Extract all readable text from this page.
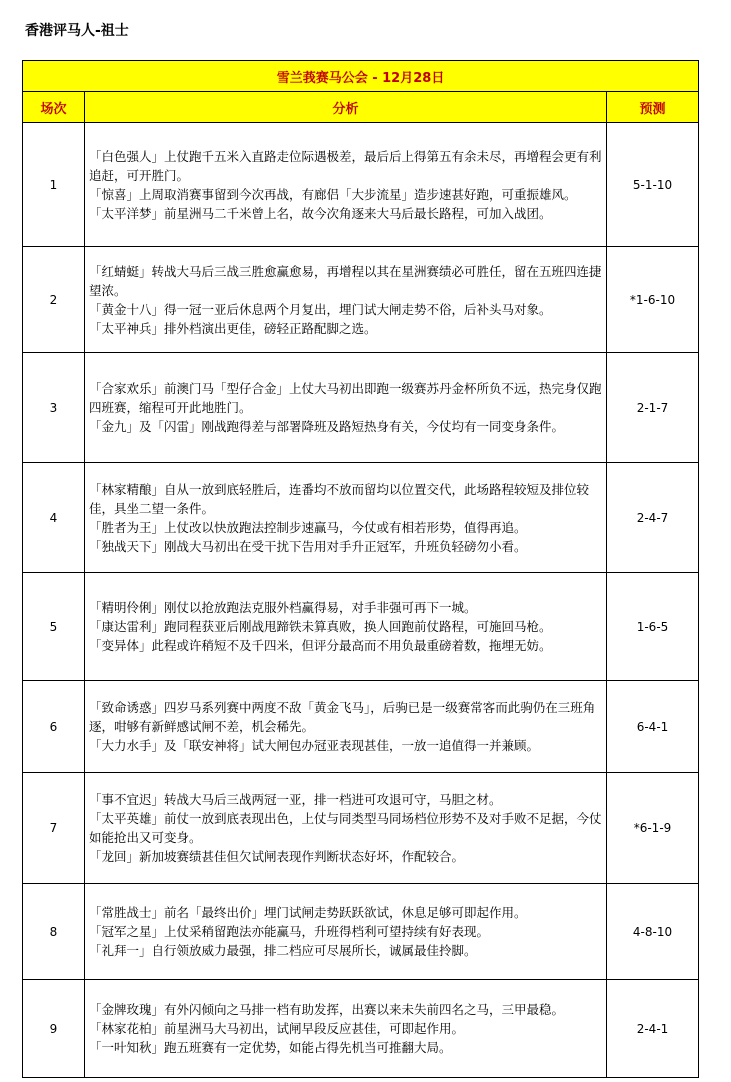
香港评马人-祖士
雪兰莪赛马公会 - 12月28日		
场次	分析	预测
1	「白色强人」上仗跑千五米入直路走位际遇极差，最后后上得第五有余未尽，再增程会更有利追赶，可开胜门。

「惊喜」上周取消赛事留到今次再战，有廊侣「大步流星」造步速甚好跑，可重振雄风。

「太平洋梦」前星洲马二千米曾上名，故今次角逐来大马后最长路程，可加入战团。	5-1-10
2	「红蜻蜓」转战大马后三战三胜愈赢愈易，再增程以其在星洲赛绩必可胜任，留在五班四连捷望浓。

「黄金十八」得一冠一亚后休息两个月复出，埋门试大闸走势不俗，后补头马对象。

「太平神兵」排外档演出更佳，磅轻正路配脚之选。	*1-6-10
3	「合家欢乐」前澳门马「型仔合金」上仗大马初出即跑一级赛苏丹金杯所负不远，热完身仅跑四班赛，缩程可开此地胜门。

「金九」及「闪雷」刚战跑得差与部署降班及路短热身有关，今仗均有一同变身条件。	2-1-7
4	「林家精酿」自从一放到底轻胜后，连番均不放而留均以位置交代，此场路程较短及排位较佳，具坐二望一条件。

「胜者为王」上仗改以快放跑法控制步速赢马，今仗或有相若形势，值得再追。

「独战天下」刚战大马初出在受干扰下告用对手升正冠军，升班负轻磅勿小看。	2-4-7
5	「精明伶俐」刚仗以抢放跑法克服外档赢得易，对手非强可再下一城。

「康达雷利」跑同程获亚后刚战甩蹄铁未算真败，换人回跑前仗路程，可施回马枪。

「变异体」此程或许稍短不及千四米，但评分最高而不用负最重磅着数，拖埋无妨。	1-6-5
6	「致命诱惑」四岁马系列赛中两度不敌「黄金飞马」，后驹已是一级赛常客而此驹仍在三班角逐，咁够有新鲜感试闸不差，机会稀先。

「大力水手」及「联安神将」试大闸包办冠亚表现甚佳，一放一追值得一并兼顾。	6-4-1
7	「事不宜迟」转战大马后三战两冠一亚，排一档进可攻退可守，马胆之材。

「太平英雄」前仗一放到底表现出色，上仗与同类型马同场档位形势不及对手败不足据，今仗如能抢出又可变身。

「龙回」新加坡赛绩甚佳但欠试闸表现作判断状态好坏，作配较合。	*6-1-9
8	「常胜战士」前名「最终出价」埋门试闸走势跃跃欲试，休息足够可即起作用。

「冠军之星」上仗采稍留跑法亦能赢马，升班得档利可望持续有好表现。

「礼拜一」自行领放威力最强，排二档应可尽展所长，诚属最佳拎脚。	4-8-10
9	「金牌玫瑰」有外闪倾向之马排一档有助发挥，出赛以来未失前四名之马，三甲最稳。

「林家花柏」前星洲马大马初出，试闸早段反应甚佳，可即起作用。

「一叶知秋」跑五班赛有一定优势，如能占得先机当可推翻大局。	2-4-1
